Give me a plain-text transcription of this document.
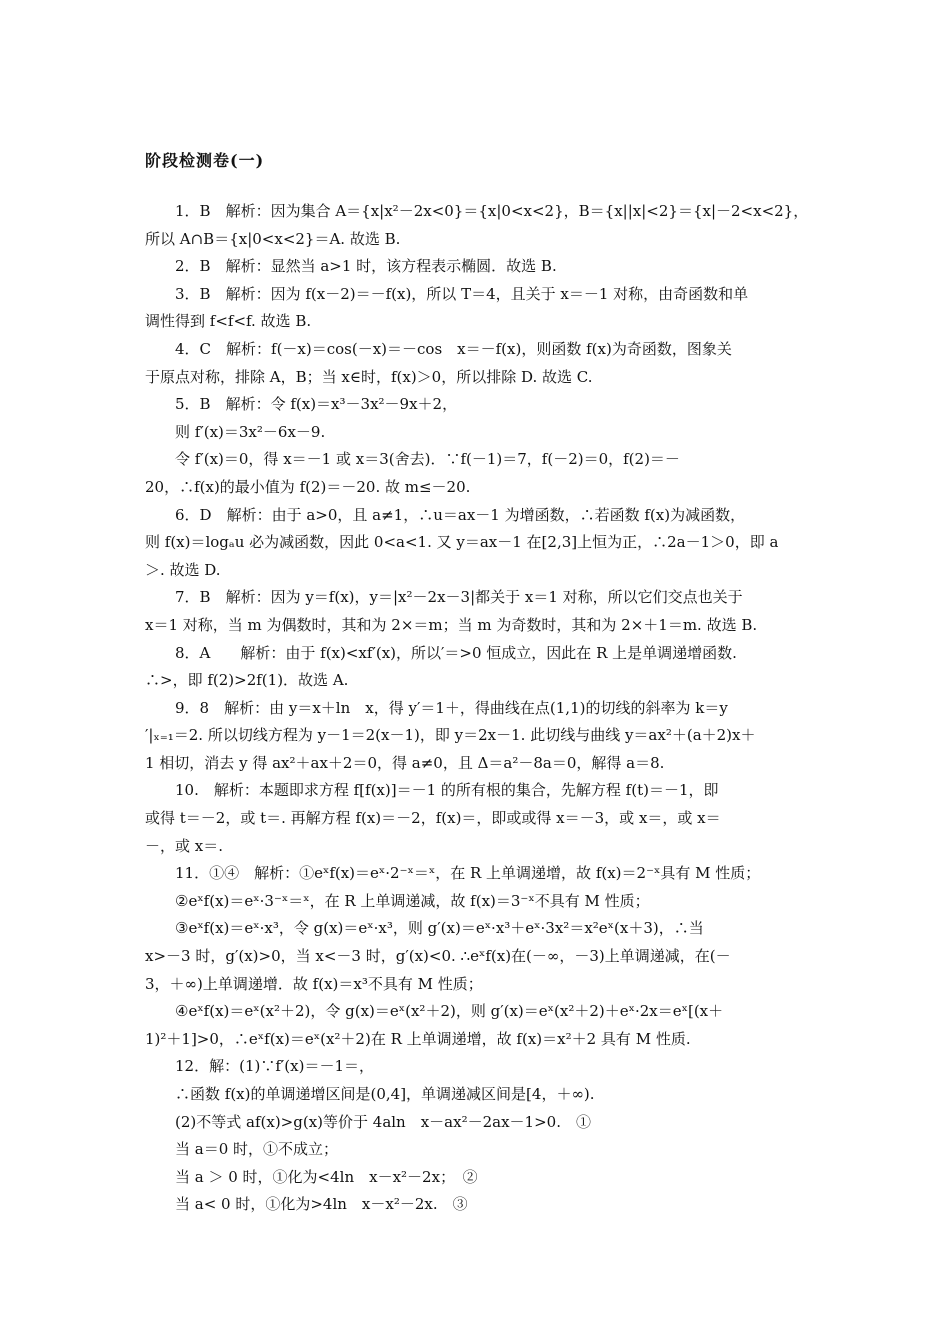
阶段检测卷(一)
1．B　解析：因为集合 A＝{x|x²－2x<0}＝{x|0<x<2}，B＝{x||x|<2}＝{x|－2<x<2}，
所以 A∩B＝{x|0<x<2}＝A. 故选 B.
2．B　解析：显然当 a>1 时，该方程表示椭圆．故选 B.
3．B　解析：因为 f(x－2)＝－f(x)，所以 T＝4，且关于 x＝－1 对称，由奇函数和单
调性得到 f<f<f. 故选 B.
4．C　解析：f(－x)＝cos(－x)＝－cos　x＝－f(x)，则函数 f(x)为奇函数，图象关
于原点对称，排除 A，B；当 x∈时，f(x)＞0，所以排除 D. 故选 C.
5．B　解析：令 f(x)＝x³－3x²－9x＋2，
则 f′(x)＝3x²－6x－9.
令 f′(x)＝0，得 x＝－1 或 x＝3(舍去)．∵f(－1)＝7，f(－2)＝0，f(2)＝－
20，∴f(x)的最小值为 f(2)＝－20. 故 m≤－20.
6．D　解析：由于 a>0，且 a≠1，∴u＝ax－1 为增函数，∴若函数 f(x)为减函数，
则 f(x)＝logₐu 必为减函数，因此 0<a<1. 又 y＝ax－1 在[2,3]上恒为正，∴2a－1＞0，即 a
＞. 故选 D.
7．B　解析：因为 y＝f(x)，y＝|x²－2x－3|都关于 x＝1 对称，所以它们交点也关于
x＝1 对称，当 m 为偶数时，其和为 2×＝m；当 m 为奇数时，其和为 2×＋1＝m. 故选 B.
8．A　　解析：由于 f(x)<xf′(x)，所以′＝>0 恒成立，因此在 R 上是单调递增函数.
∴>，即 f(2)>2f(1)．故选 A.
9．8　解析：由 y＝x＋ln　x，得 y′＝1＋，得曲线在点(1,1)的切线的斜率为 k＝y
′|ₓ₌₁＝2. 所以切线方程为 y－1＝2(x－1)，即 y＝2x－1. 此切线与曲线 y＝ax²＋(a＋2)x＋
1 相切，消去 y 得 ax²＋ax＋2＝0，得 a≠0，且 Δ＝a²－8a＝0，解得 a＝8.
10.　解析：本题即求方程 f[f(x)]＝－1 的所有根的集合，先解方程 f(t)＝－1，即
或得 t＝－2，或 t＝. 再解方程 f(x)＝－2，f(x)＝，即或或得 x＝－3，或 x＝，或 x＝
－，或 x＝.
11．①④　解析：①eˣf(x)＝eˣ·2⁻ˣ＝ˣ，在 R 上单调递增，故 f(x)＝2⁻ˣ具有 M 性质；
②eˣf(x)＝eˣ·3⁻ˣ＝ˣ，在 R 上单调递减，故 f(x)＝3⁻ˣ不具有 M 性质；
③eˣf(x)＝eˣ·x³，令 g(x)＝eˣ·x³，则 g′(x)＝eˣ·x³＋eˣ·3x²＝x²eˣ(x＋3)，∴当
x>－3 时，g′(x)>0，当 x<－3 时，g′(x)<0. ∴eˣf(x)在(－∞，－3)上单调递减，在(－
3，＋∞)上单调递增．故 f(x)＝x³不具有 M 性质；
④eˣf(x)＝eˣ(x²＋2)，令 g(x)＝eˣ(x²＋2)，则 g′(x)＝eˣ(x²＋2)＋eˣ·2x＝eˣ[(x＋
1)²＋1]>0，∴eˣf(x)＝eˣ(x²＋2)在 R 上单调递增，故 f(x)＝x²＋2 具有 M 性质.
12．解：(1)∵f′(x)＝－1＝，
∴函数 f(x)的单调递增区间是(0,4]，单调递减区间是[4，＋∞).
(2)不等式 af(x)>g(x)等价于 4aln　x－ax²－2ax－1>0.　①
当 a＝0 时，①不成立；
当 a ＞ 0 时，①化为<4ln　x－x²－2x；　②
当 a< 0 时，①化为>4ln　x－x²－2x.　③
